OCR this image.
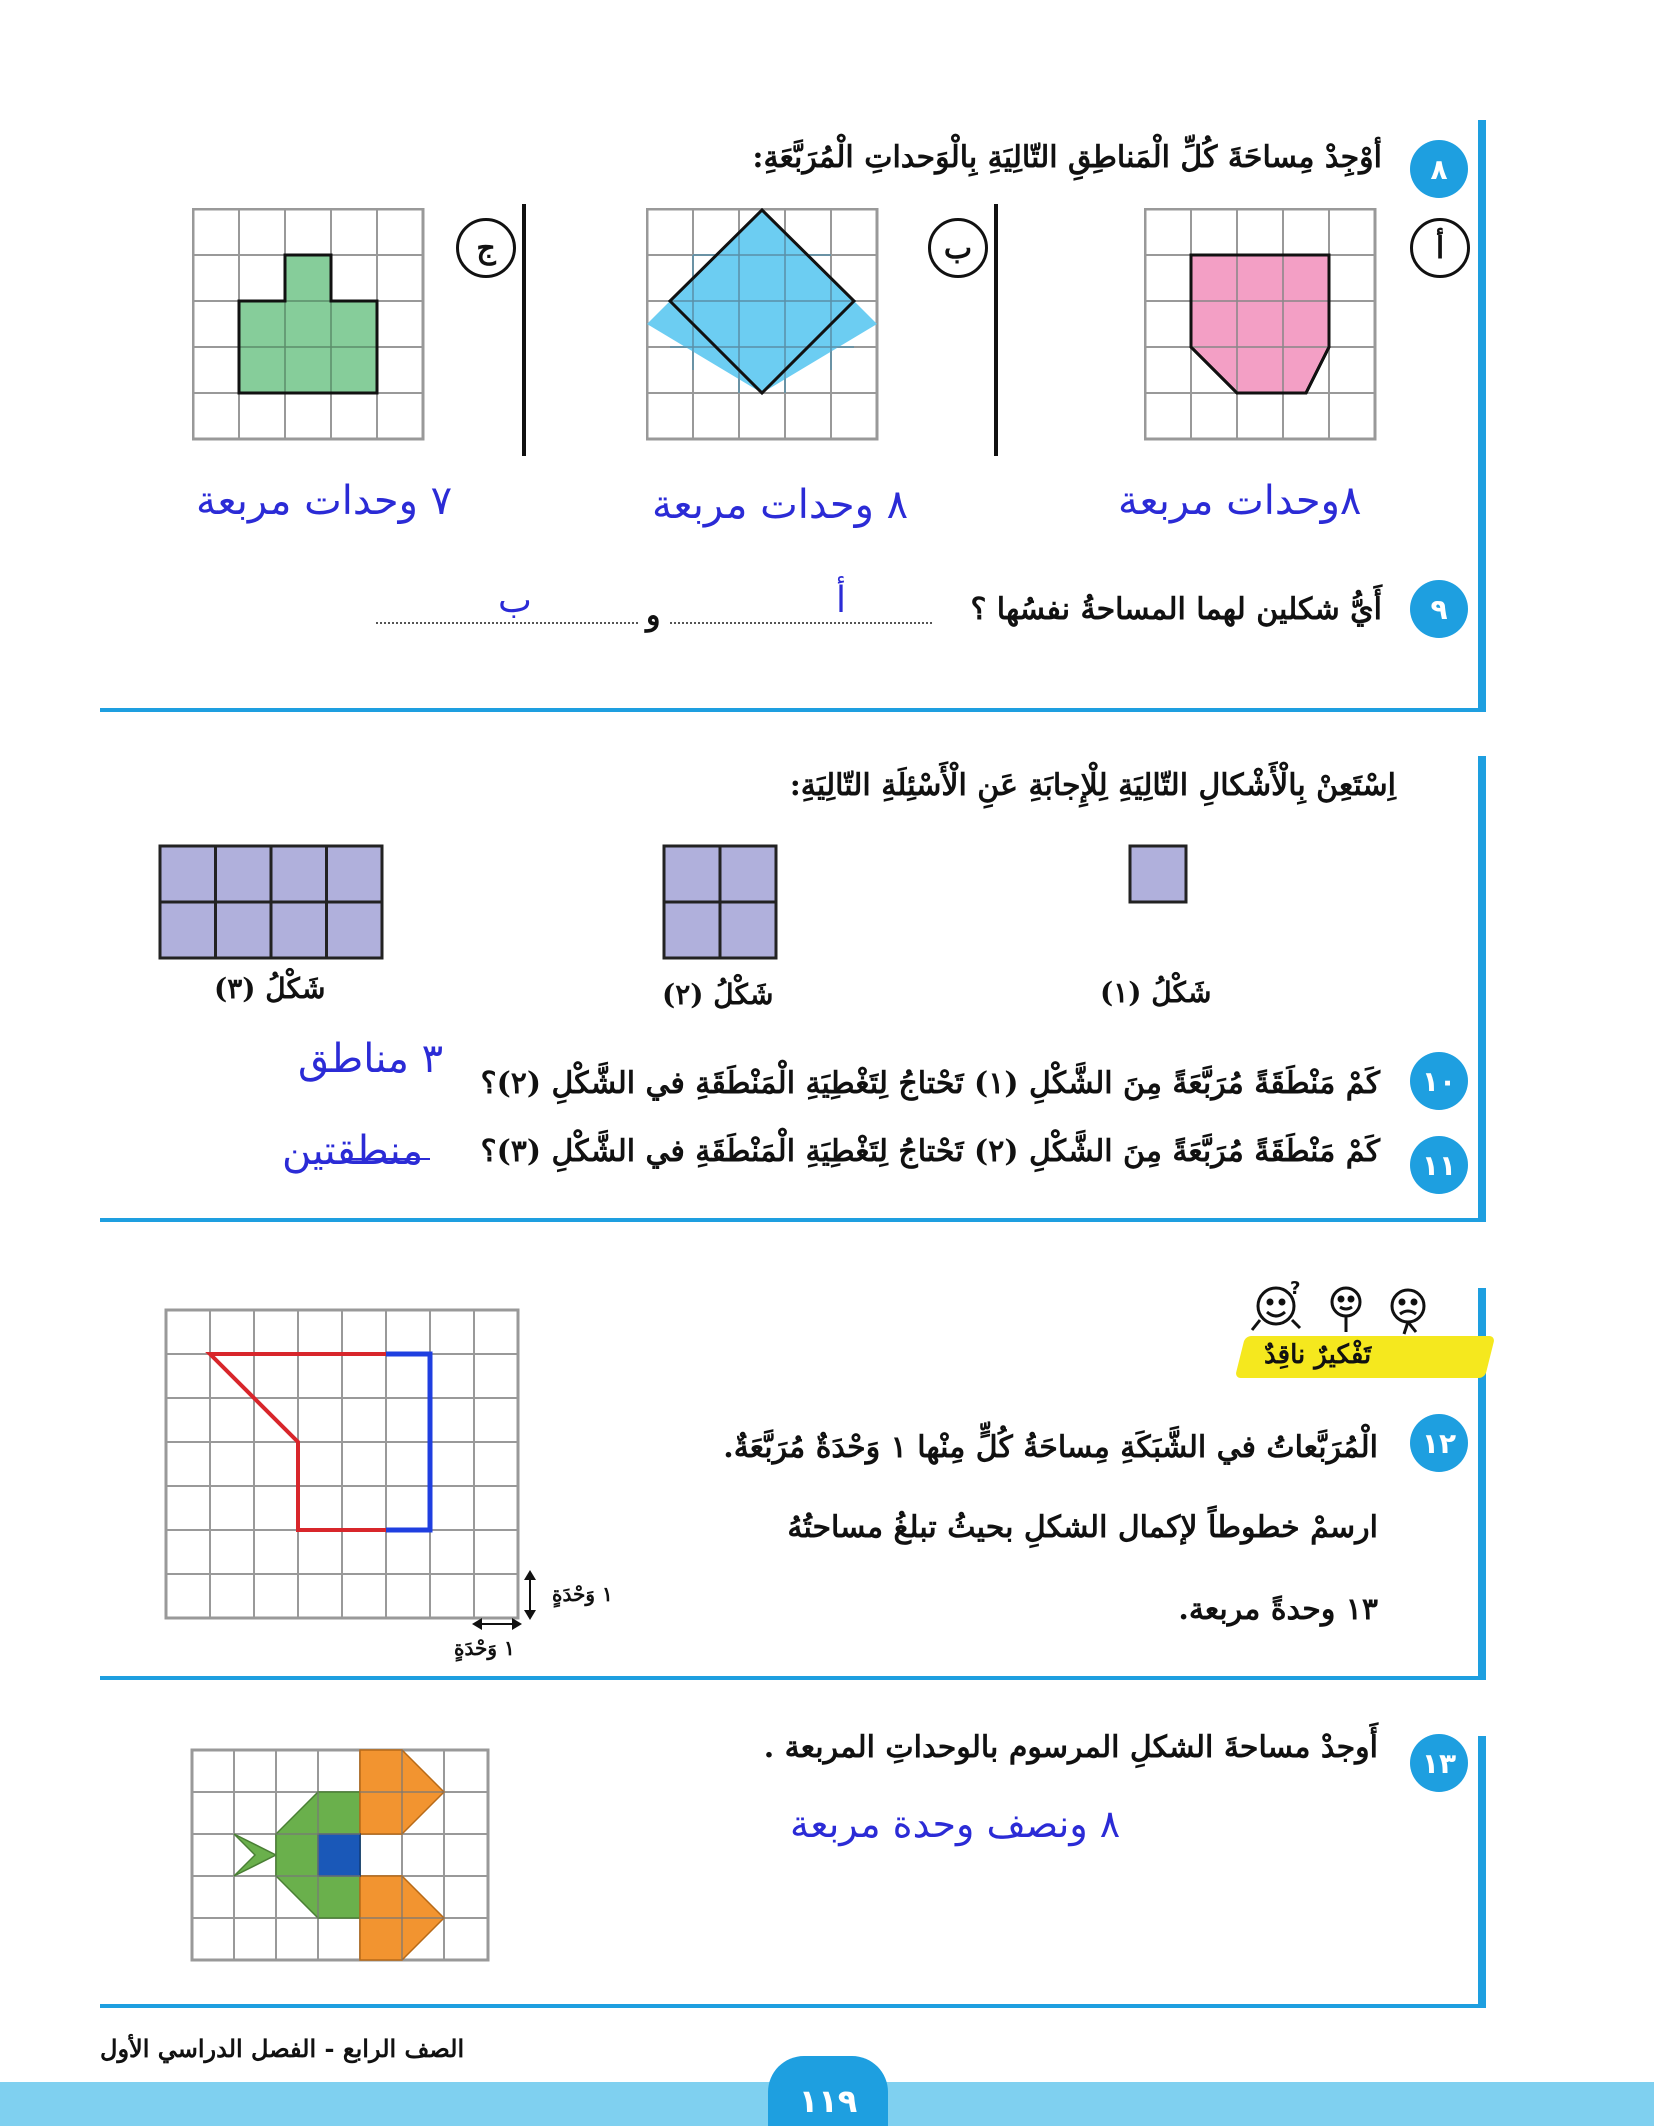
٨
أوْجِدْ مِساحَةَ كُلِّ الْمَناطِقِ التّالِيَةِ بِالْوَحداتِ الْمُرَبَّعَةِ:
أ
ب
ج
٨وحدات مربعة
٨ وحدات مربعة
٧ وحدات مربعة
٩
أَيُّ شكلين لهما المساحةُ نفسُها ؟
أ
و
ب
اِسْتَعِنْ بِالْأَشْكالِ التّالِيَةِ لِلْإِجابَةِ عَنِ الْأَسْئِلَةِ التّالِيَةِ:
شَكْلُ (١)
شَكْلُ (٢)
شَكْلُ (٣)
١٠
كَمْ مَنْطَقَةً مُرَبَّعَةً مِنَ الشَّكْلِ (١) تَحْتاجُ لِتَغْطِيَةِ الْمَنْطَقَةِ في الشَّكْلِ (٢)؟
٣ مناطق
١١
كَمْ مَنْطَقَةً مُرَبَّعَةً مِنَ الشَّكْلِ (٢) تَحْتاجُ لِتَغْطِيَةِ الْمَنْطَقَةِ في الشَّكْلِ (٣)؟
منطقتين
?
تَفْكيرٌ ناقِدٌ
١٢
الْمُرَبَّعاتُ في الشَّبَكَةِ مِساحَةُ كُلٍّ مِنْها ١ وَحْدَةٌ مُرَبَّعَةٌ.
ارسمْ خطوطاً لإكمال الشكلِ بحيثُ تبلغُ مساحتُهُ
١٣ وحدةً مربعة.
١ وَحْدَةٍ
١ وَحْدَةٍ
١٣
أَوجدْ مساحةَ الشكلِ المرسوم بالوحداتِ المربعة .
٨ ونصف وحدة مربعة
١١٩
الصف الرابع - الفصل الدراسي الأول
